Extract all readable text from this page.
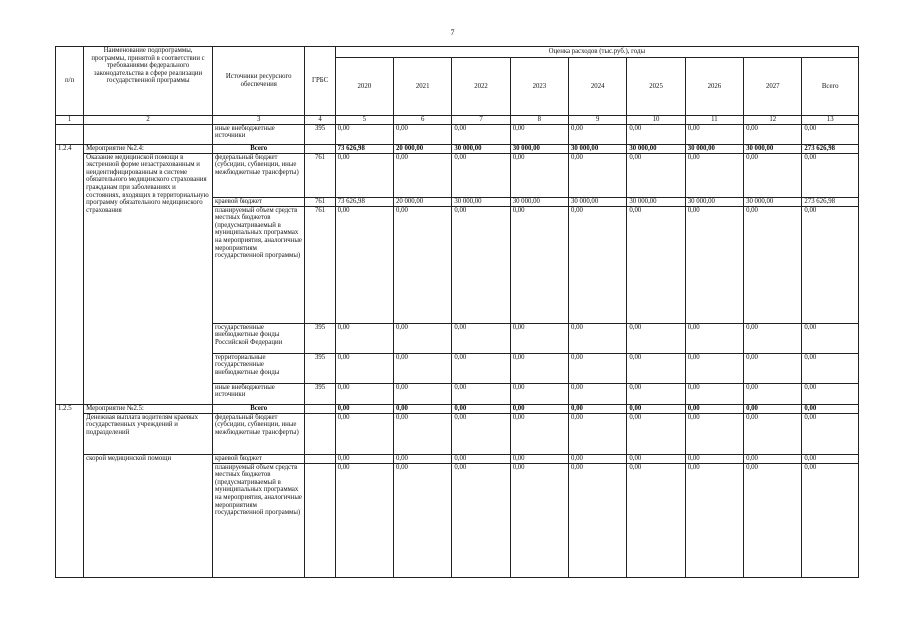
7
п/п	Наименование подпрограммы, программы, принятой в соответствии с требованиями федерального законодательства в сфере реализации государственной программы	Источники ресурсного обеспечения	ГРБС	Оценка расходов (тыс.руб.), годы								
				2020	2021	2022	2023	2024	2025	2026	2027	Всего
1	2	3	4	5	6	7	8	9	10	11	12	13
		иные внебюджетные источники	395	0,00	0,00	0,00	0,00	0,00	0,00	0,00	0,00	0,00
1.2.4	Мероприятие №2.4:	Всего		73 626,98	20 000,00	30 000,00	30 000,00	30 000,00	30 000,00	30 000,00	30 000,00	273 626,98
	Оказание медицинской помощи в экстренной форме незастрахованным и неидентифицированным в системе обязательного медицинского страхования гражданам при заболеваниях и состояниях, входящих в территориальную программу обязательного медицинского страхования	федеральный бюджет (субсидии, субвенции, иные межбюджетные трансферты)	761	0,00	0,00	0,00	0,00	0,00	0,00	0,00	0,00	0,00
		краевой бюджет	761	73 626,98	20 000,00	30 000,00	30 000,00	30 000,00	30 000,00	30 000,00	30 000,00	273 626,98
		планируемый объем средств местных бюджетов (предусматриваемый в муниципальных программах на мероприятия, аналогичные мероприятиям государственной программы)	761	0,00	0,00	0,00	0,00	0,00	0,00	0,00	0,00	0,00
		государственные внебюджетные фонды Российской Федерации	395	0,00	0,00	0,00	0,00	0,00	0,00	0,00	0,00	0,00
		территориальные государственные внебюджетные фонды	395	0,00	0,00	0,00	0,00	0,00	0,00	0,00	0,00	0,00
		иные внебюджетные источники	395	0,00	0,00	0,00	0,00	0,00	0,00	0,00	0,00	0,00
1.2.5	Мероприятие №2.5:	Всего		0,00	0,00	0,00	0,00	0,00	0,00	0,00	0,00	0,00
	Денежная выплата водителям краевых государственных учреждений и подразделений	федеральный бюджет (субсидии, субвенции, иные межбюджетные трансферты)		0,00	0,00	0,00	0,00	0,00	0,00	0,00	0,00	0,00
	скорой медицинской помощи	краевой бюджет		0,00	0,00	0,00	0,00	0,00	0,00	0,00	0,00	0,00
		планируемый объем средств местных бюджетов (предусматриваемый в муниципальных программах на мероприятия, аналогичные мероприятиям государственной программы)		0,00	0,00	0,00	0,00	0,00	0,00	0,00	0,00	0,00
